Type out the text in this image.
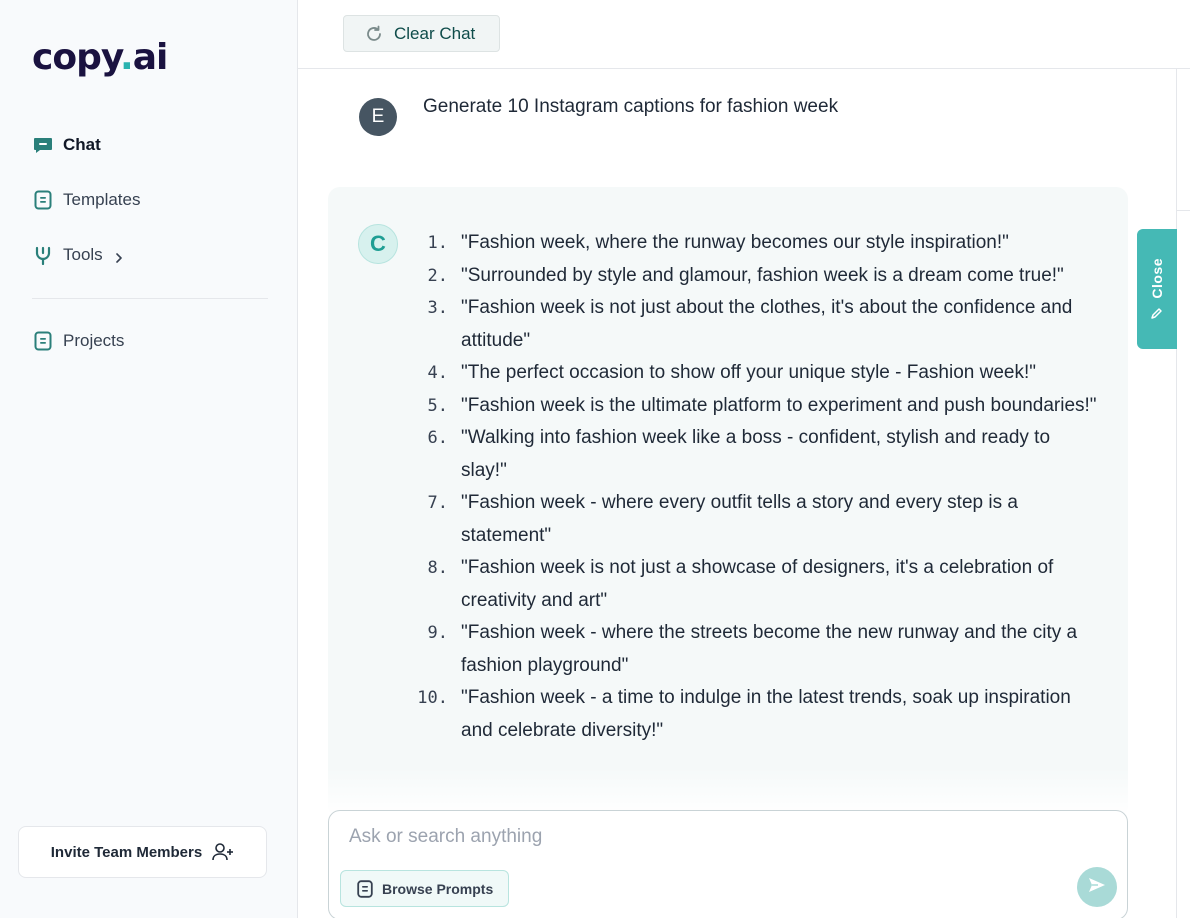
copy.ai
Chat
Templates
Tools
Projects
Invite Team Members
Clear Chat
E	Generate 10 Instagram captions for fashion week
C	1. "Fashion week, where the runway becomes our style inspiration!"
2. "Surrounded by style and glamour, fashion week is a dream come true!"
3. "Fashion week is not just about the clothes, it's about the confidence and attitude"
4. "The perfect occasion to show off your unique style - Fashion week!"
5. "Fashion week is the ultimate platform to experiment and push boundaries!"
6. "Walking into fashion week like a boss - confident, stylish and ready to slay!"
7. "Fashion week - where every outfit tells a story and every step is a statement"
8. "Fashion week is not just a showcase of designers, it's a celebration of creativity and art"
9. "Fashion week - where the streets become the new runway and the city a fashion playground"
10. "Fashion week - a time to indulge in the latest trends, soak up inspiration and celebrate diversity!"
Close
Ask or search anything
Browse Prompts
